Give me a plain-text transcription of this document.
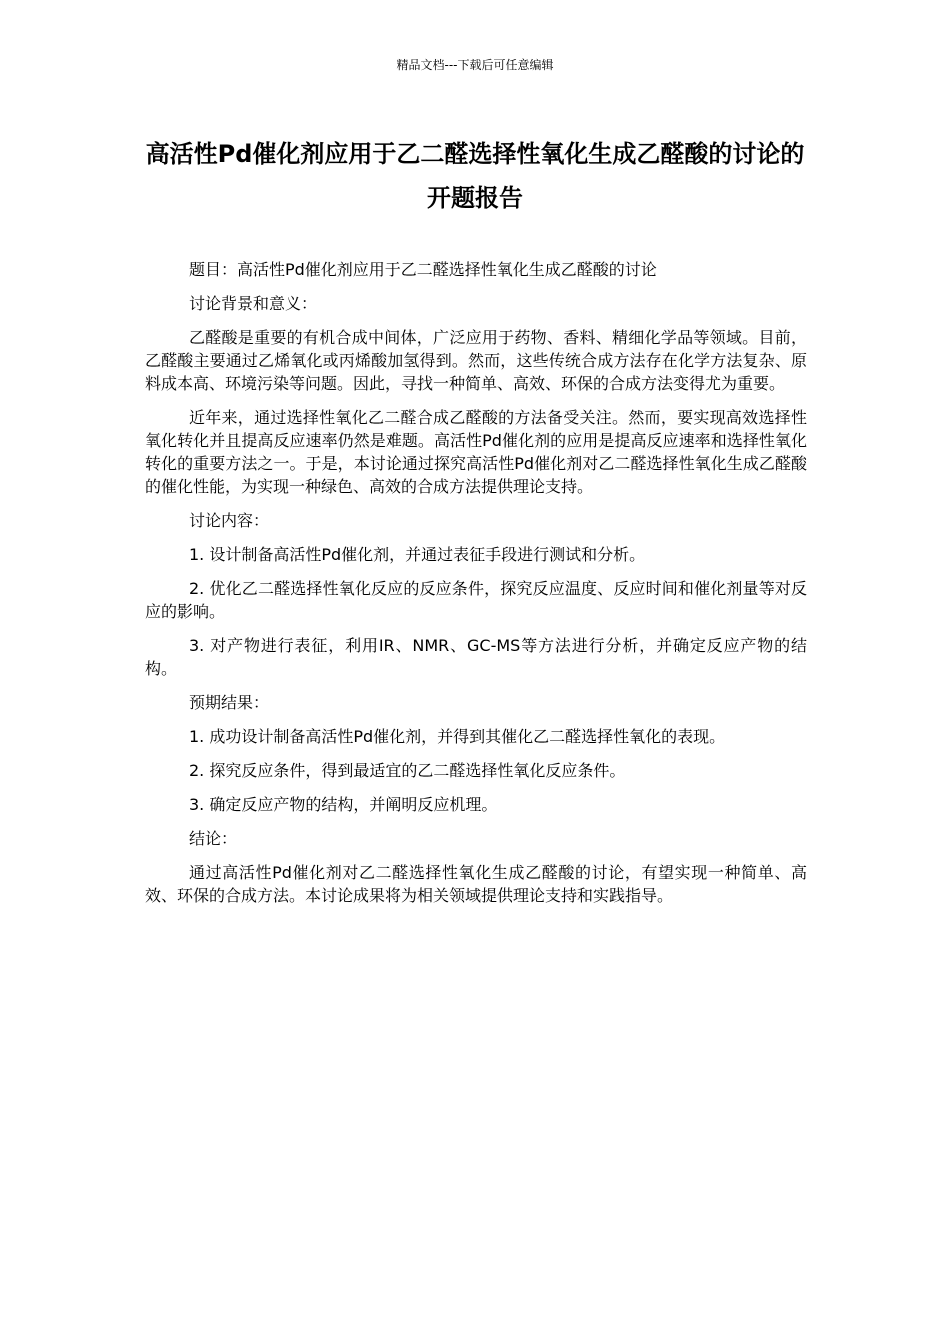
精品文档---下载后可任意编辑
高活性Pd催化剂应用于乙二醛选择性氧化生成乙醛酸的讨论的开题报告

题目：高活性Pd催化剂应用于乙二醛选择性氧化生成乙醛酸的讨论

讨论背景和意义：

乙醛酸是重要的有机合成中间体，广泛应用于药物、香料、精细化学品等领域。目前，乙醛酸主要通过乙烯氧化或丙烯酸加氢得到。然而，这些传统合成方法存在化学方法复杂、原料成本高、环境污染等问题。因此，寻找一种简单、高效、环保的合成方法变得尤为重要。

近年来，通过选择性氧化乙二醛合成乙醛酸的方法备受关注。然而，要实现高效选择性氧化转化并且提高反应速率仍然是难题。高活性Pd催化剂的应用是提高反应速率和选择性氧化转化的重要方法之一。于是，本讨论通过探究高活性Pd催化剂对乙二醛选择性氧化生成乙醛酸的催化性能，为实现一种绿色、高效的合成方法提供理论支持。

讨论内容：

1. 设计制备高活性Pd催化剂，并通过表征手段进行测试和分析。

2. 优化乙二醛选择性氧化反应的反应条件，探究反应温度、反应时间和催化剂量等对反应的影响。

3. 对产物进行表征，利用IR、NMR、GC-MS等方法进行分析，并确定反应产物的结构。

预期结果：

1. 成功设计制备高活性Pd催化剂，并得到其催化乙二醛选择性氧化的表现。

2. 探究反应条件，得到最适宜的乙二醛选择性氧化反应条件。

3. 确定反应产物的结构，并阐明反应机理。

结论：

通过高活性Pd催化剂对乙二醛选择性氧化生成乙醛酸的讨论，有望实现一种简单、高效、环保的合成方法。本讨论成果将为相关领域提供理论支持和实践指导。
